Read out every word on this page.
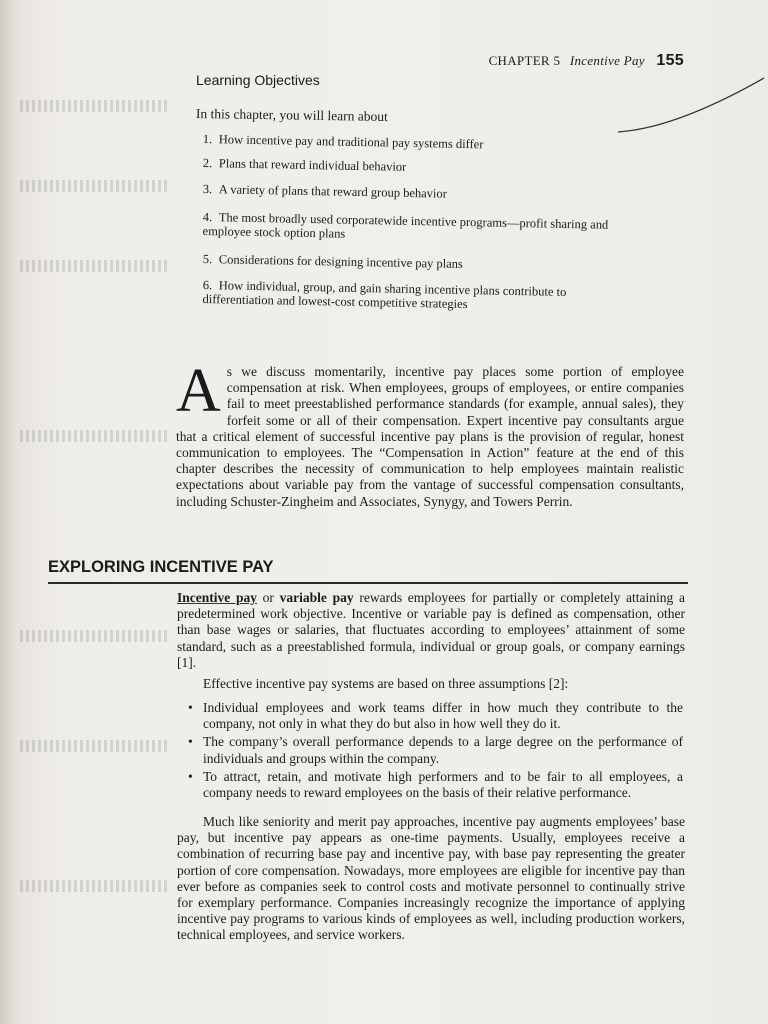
CHAPTER 5 Incentive Pay 155
Learning Objectives
In this chapter, you will learn about
1. How incentive pay and traditional pay systems differ
2. Plans that reward individual behavior
3. A variety of plans that reward group behavior
4. The most broadly used corporatewide incentive programs—profit sharing and employee stock option plans
5. Considerations for designing incentive pay plans
6. How individual, group, and gain sharing incentive plans contribute to differentiation and lowest-cost competitive strategies
As we discuss momentarily, incentive pay places some portion of employee compensation at risk. When employees, groups of employees, or entire companies fail to meet preestablished performance standards (for example, annual sales), they forfeit some or all of their compensation. Expert incentive pay consultants argue that a critical element of successful incentive pay plans is the provision of regular, honest communication to employees. The “Compensation in Action” feature at the end of this chapter describes the necessity of communication to help employees maintain realistic expectations about variable pay from the vantage of successful compensation consultants, including Schuster-Zingheim and Associates, Synygy, and Towers Perrin.
EXPLORING INCENTIVE PAY
Incentive pay or variable pay rewards employees for partially or completely attaining a predetermined work objective. Incentive or variable pay is defined as compensation, other than base wages or salaries, that fluctuates according to employees’ attainment of some standard, such as a preestablished formula, individual or group goals, or company earnings [1].
Effective incentive pay systems are based on three assumptions [2]:
• Individual employees and work teams differ in how much they contribute to the company, not only in what they do but also in how well they do it.
• The company’s overall performance depends to a large degree on the performance of individuals and groups within the company.
• To attract, retain, and motivate high performers and to be fair to all employees, a company needs to reward employees on the basis of their relative performance.
Much like seniority and merit pay approaches, incentive pay augments employees’ base pay, but incentive pay appears as one-time payments. Usually, employees receive a combination of recurring base pay and incentive pay, with base pay representing the greater portion of core compensation. Nowadays, more employees are eligible for incentive pay than ever before as companies seek to control costs and motivate personnel to continually strive for exemplary performance. Companies increasingly recognize the importance of applying incentive pay programs to various kinds of employees as well, including production workers, technical employees, and service workers.
